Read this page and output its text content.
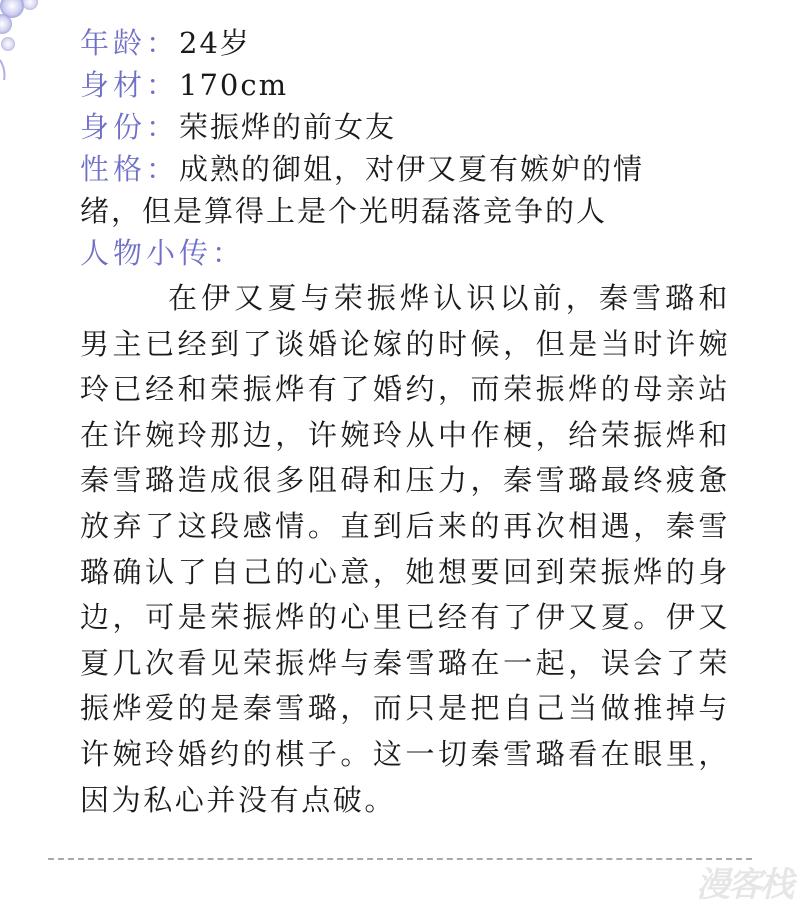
年龄：24岁
身材：170cm
身份：荣振烨的前女友
性格：成熟的御姐，对伊又夏有嫉妒的情
绪，但是算得上是个光明磊落竞争的人
人物小传：
在伊又夏与荣振烨认识以前，秦雪璐和男主已经到了谈婚论嫁的时候，但是当时许婉玲已经和荣振烨有了婚约，而荣振烨的母亲站在许婉玲那边，许婉玲从中作梗，给荣振烨和秦雪璐造成很多阻碍和压力，秦雪璐最终疲惫放弃了这段感情。直到后来的再次相遇，秦雪璐确认了自己的心意，她想要回到荣振烨的身边，可是荣振烨的心里已经有了伊又夏。伊又夏几次看见荣振烨与秦雪璐在一起，误会了荣振烨爱的是秦雪璐，而只是把自己当做推掉与许婉玲婚约的棋子。这一切秦雪璐看在眼里，因为私心并没有点破。
漫客栈
